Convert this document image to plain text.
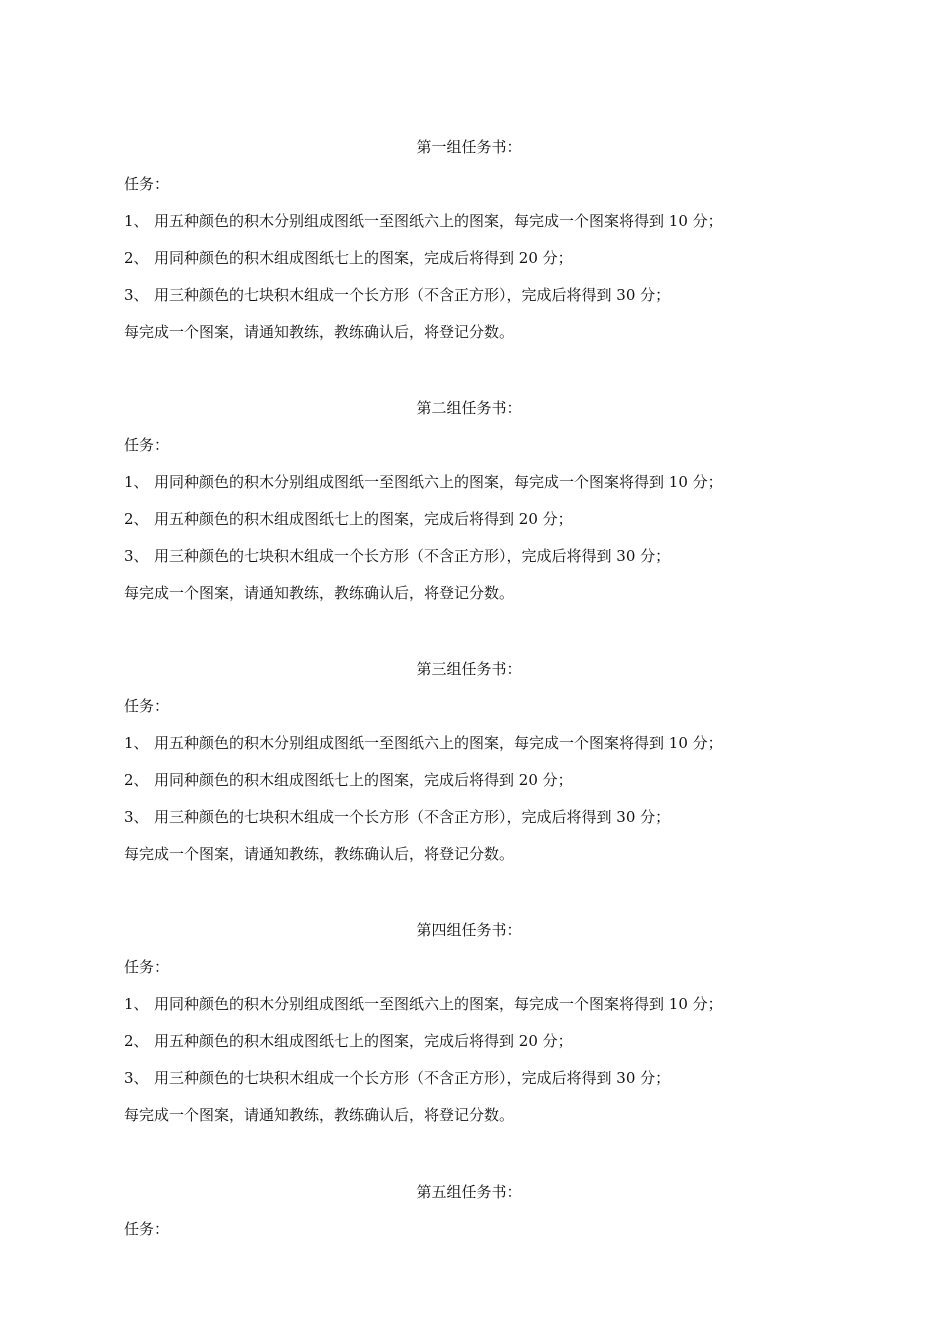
第一组任务书：
任务：
1、 用五种颜色的积木分别组成图纸一至图纸六上的图案，每完成一个图案将得到 10 分；
2、 用同种颜色的积木组成图纸七上的图案，完成后将得到 20 分；
3、 用三种颜色的七块积木组成一个长方形（不含正方形），完成后将得到 30 分；
每完成一个图案，请通知教练，教练确认后，将登记分数。
第二组任务书：
任务：
1、 用同种颜色的积木分别组成图纸一至图纸六上的图案，每完成一个图案将得到 10 分；
2、 用五种颜色的积木组成图纸七上的图案，完成后将得到 20 分；
3、 用三种颜色的七块积木组成一个长方形（不含正方形），完成后将得到 30 分；
每完成一个图案，请通知教练，教练确认后，将登记分数。
第三组任务书：
任务：
1、 用五种颜色的积木分别组成图纸一至图纸六上的图案，每完成一个图案将得到 10 分；
2、 用同种颜色的积木组成图纸七上的图案，完成后将得到 20 分；
3、 用三种颜色的七块积木组成一个长方形（不含正方形），完成后将得到 30 分；
每完成一个图案，请通知教练，教练确认后，将登记分数。
第四组任务书：
任务：
1、 用同种颜色的积木分别组成图纸一至图纸六上的图案，每完成一个图案将得到 10 分；
2、 用五种颜色的积木组成图纸七上的图案，完成后将得到 20 分；
3、 用三种颜色的七块积木组成一个长方形（不含正方形），完成后将得到 30 分；
每完成一个图案，请通知教练，教练确认后，将登记分数。
第五组任务书：
任务：
